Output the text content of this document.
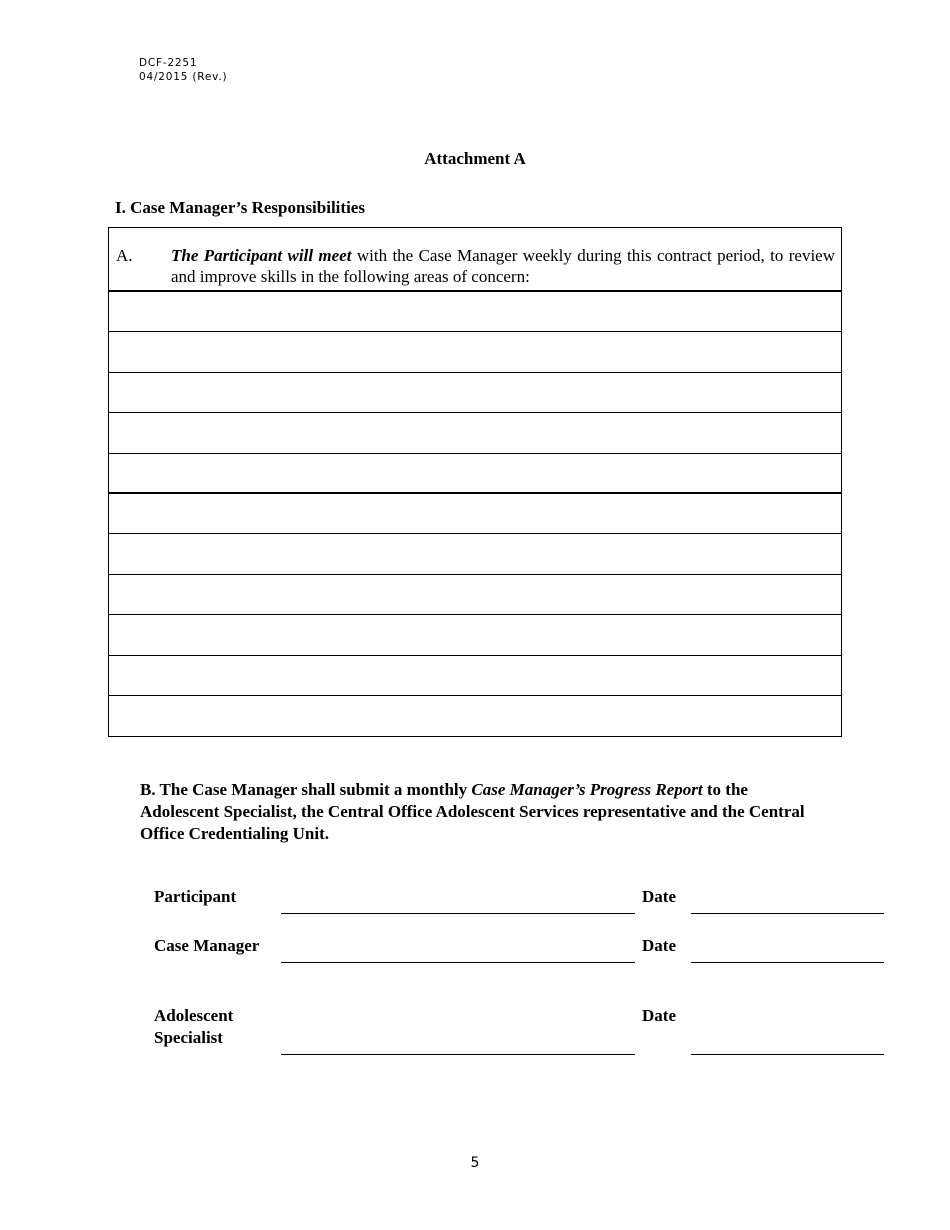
DCF-2251
04/2015 (Rev.)
Attachment A
I. Case Manager’s Responsibilities
A. The Participant will meet with the Case Manager weekly during this contract period, to review and improve skills in the following areas of concern:
B. The Case Manager shall submit a monthly Case Manager’s Progress Report to the Adolescent Specialist, the Central Office Adolescent Services representative and the Central Office Credentialing Unit.
Participant	Date
Case Manager	Date
Adolescent
Specialist
Date
5
